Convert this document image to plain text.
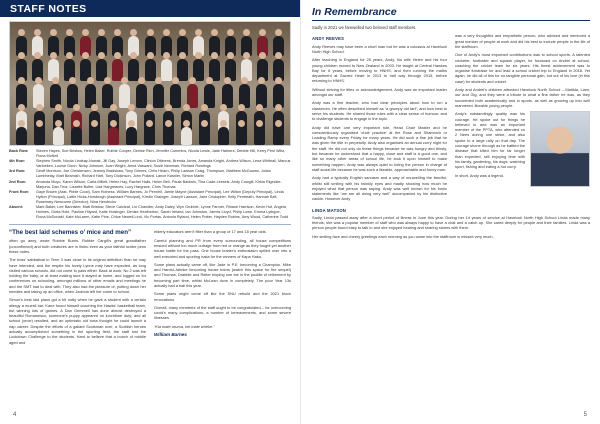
STAFF NOTES
Back Row:	Steven Hayes, Sue Bristow, Helen Baker, Ruthie Cooper, Denise Rich, Jennifer Cummins, Nicola Lewis, Jade Harbers, Debbie Hill, Kerry Pirnl Wiltz, Fiona McNeil
4th Row:	Stephen Smith, Nicola Lindsay-Nowak, Jill Gay, Joseph Lemon, Clinton Dibbens, Brenda Jones, Amanda Knight, Andrea Wilson, Lena Whitnall, Marcus Vanbeken, Louise Gunn, Nicky Johnson, Juan Wright, Anna Vaswani, Susie Newman, Richard Rowlings
3rd Row:	Geoff Morrison, Joe Christensen, Jeremy Bradshaw, Tony Grimes, Chris Hearn, Philip Lawson Craig, Thompson, Matthew McGowan, Julian Lumbhelay, Matt Beamish, Richard Hart, Tony Dickinson, John Pollard, Lance Kasnier, Simon Marlin
2nd Row:	Amanda Moyo, Karen Wilson, Carla Millett, Helen Hay, Rachel Halls, Helen Bell, Paula Baldwin, Tina Cade-Lessels, Andy Cowgill, Kirkla Rigeckie-Marjuna, Dan Thor, Lizzette Butler, Lisa Hargreaves, Lucy Hargrave, Chris Thomas
Front Row:	Gaye Brown (Asst. Pbble Cood), Sam Holness, William Barnes, Jo Pennell, Jamie Mayne (Assistant Principal), Lee Wilton (Deputy Principal), Linda Hylton (Principal), Lottie Hicks-Horsbrogh (Assistant Principal), Kirstin Grainger, Joseph Lawson, Jane Cristopher, Kelly Pentreath, Hannah Bell, Rosemary Newcome (Director), Nina Hendricks
Absent:	Mark Baker, Lee Bannister, Matt Bristow, Steve Calcleat, Lin Chandler, Andy Daley, Wyn Grubble, Lynne Farmer, Rhiane Harrison, Kevin Hof, Angela Holmes, Greta Hole, Pauline Hilyard, Katie Holsinger, Denise Heatherton, Sarah Ireland, Ian Johnston, James Lloyd, Philip Lowe, Emma Lythgoe, Fiona McDonald, Kate McLaren, Katie Pine, Chloe Newell-Lind, Vic Portas, Antonia Ryland, Helen Potter, Hayden Robins, Amy Wood, Catherine Todd
“The best laid schemes o’ mice and men”

often go awry, wrote Robbie Burns. Robbie Cargill’s great grandfather (unconfirmed) and both creatures are in limbo even as your faithful scribe pens these notes.

The boss’ sabbatical in Term 3 was close to its original definition than he may have intended, and the respite his lovely Lynne may have expected, as long visited various schools, did not come to pass either. Back at work, No 2 was left holding the baby, or at least making sure it stayed at home, and logged on for conferences on schooling, amongst millions of other emails and meetings he and the SMT had to deal with. They also had the pleasure of, putting down her needles and taking up an office, when Jacinda left her come to school.

Simon’s best laid plans got a bit nutty when he gave a student with a certain allergy a muesli bar. Kane found himself coaching the Hawks’ basketball team, but winning lots of games. A Dan Gemmell has done almost destroyed a beautiful Romanesco, someone’s puppy appeared on lunchtime duty; and all school (once) resulted, and an optimistic old boss thought he could launch a nap career. Despite the efforts of a gallant Scotsman over, a Scottish heroes actually accomplished something in the sporting field, the staff lost the Lockdown Challenge to the students. Hard to believe that a bunch of middle aged and

elderly educators aren’t fitter than a group of 17 and 18 year olds.

Careful planning and PR from every surrounding, all house competitions ensued without too much outrage from red or orange as they fought yet another house battle for the pass. One house leader’s enthusiasm spilled over into a well executed and sporting haka for the winners of Kapa Haka.

Some plans actually came off, like Jade in P.E. becoming a Champion. Mike and Harold-Jahnke becoming house tutors (watch this space for the sequel) and Thomas, Drabble and Reiter eloping one toe in the puddle of retirement by becoming part time, whilst McLean dove in completely. The poor Year 13s actually had a ball this year.

Some plans might come off like the SNU rebuild and the 2021 block renovations.

Overall, many members of the staff ought to be congratulated – for overcoming covid’s many complications, a number of bereavements, and some severe illnesses.

“Kia mate ururoa, kei mate wheke.”

William Barnes
4
In Remembrance
Sadly in 2021 we farewelled two beloved staff members.
ANDY REEVES

Andy Reeves may have been a short man but he was a colossus at Havelock North High School.

After teaching in England for 25 years, Andy, his wife Helen and his four young children moved to New Zealand in 2003. He taught at Central Hawkes Bay for 6 years, before moving to HNHS, and then running the maths department at Sacred Heart in 2013 to half way through 2015, before returning to HNHS.

Without striving for titles or acknowledgement, Andy was an important leader amongst our staff.

Andy was a fine teacher, who had clear principles about how to run a classroom. He often described himself as “a grumpy old fart”, and how best to serve his students. He shared those rules with a clear sense of humour, and to challenge students to engage in the topic.

Andy did have one very important role, Head Chair Master and he conscientiously organised ‘choir practice’ at the Rose and Shamrock or Loading Ramp every Friday for many years. He did such a fine job that he was given the title in perpetuity. Andy also organised an annual curry night for the staff. He did not only do these things because he was hungry and thirsty, but because he understood that a happy, close and staff is a good one, and like so many other areas of school life, he took it upon himself to make something happen. Andy was always quiet to being the person in charge of staff social life because he was such a likeable, approachable and funny man.

Andy had a typically English sarcasm and a way of unravelling the fanciful, whilst still smiling with his twinkly eyes and madly showing how much he enjoyed what that person was saying. Andy was well known for his ironic statements like “we are all doing very well” accompanied by his distinctive cackle. However Andy

was a very thoughtful and empathetic person, who advised and mentored a great number of people at work and did his best to include people in the life of the staffroom.

One of Andy’s most important contributions was to school sports. A talented cricketer, footballer and squash player, he focussed on Andrei at school, coaching the cricket team for six years. His finest achievement was to organise fundraise for and lead a school cricket trip to England in 2018. Yet again, he did all of this for no tangible personal gain, but out of his love (in this case) for students and cricket.

Andy and Andrei’s children attended Havelock North School – Matilda, Liam, our and Gig, and they were a tribute to what a fine father he was, as they succeeded both academically and in sports, as well as growing up into well mannered, likeable young people.

Andy’s outstandingly quality was his courage. He spoke out for things he believed in and was an important member of the PPTA, who attended on 2 Nees during one strike, and also spoke to a large rally on that day. The courage shone through as he battled the disease that killed him for far longer than expected, still enjoying time with his family, gardening, his dogs, watching sport, fishing and eating a hot curry.

In short, Andy was a legend.

LINDA MATSON

Sadly, Linda passed away after a short period of illness in June this year. During her 14 years of service at Havelock North High School Linda made many friends; she was a popular member of staff who was always happy to have a chat and a catch up. She cared deeply for people and their families. Linda was a person people found easy to talk to and she enjoyed hearing and sharing stories with them.

Her smiling face and cheery greetings each morning as you came into the staffroom is missed very much.

5
